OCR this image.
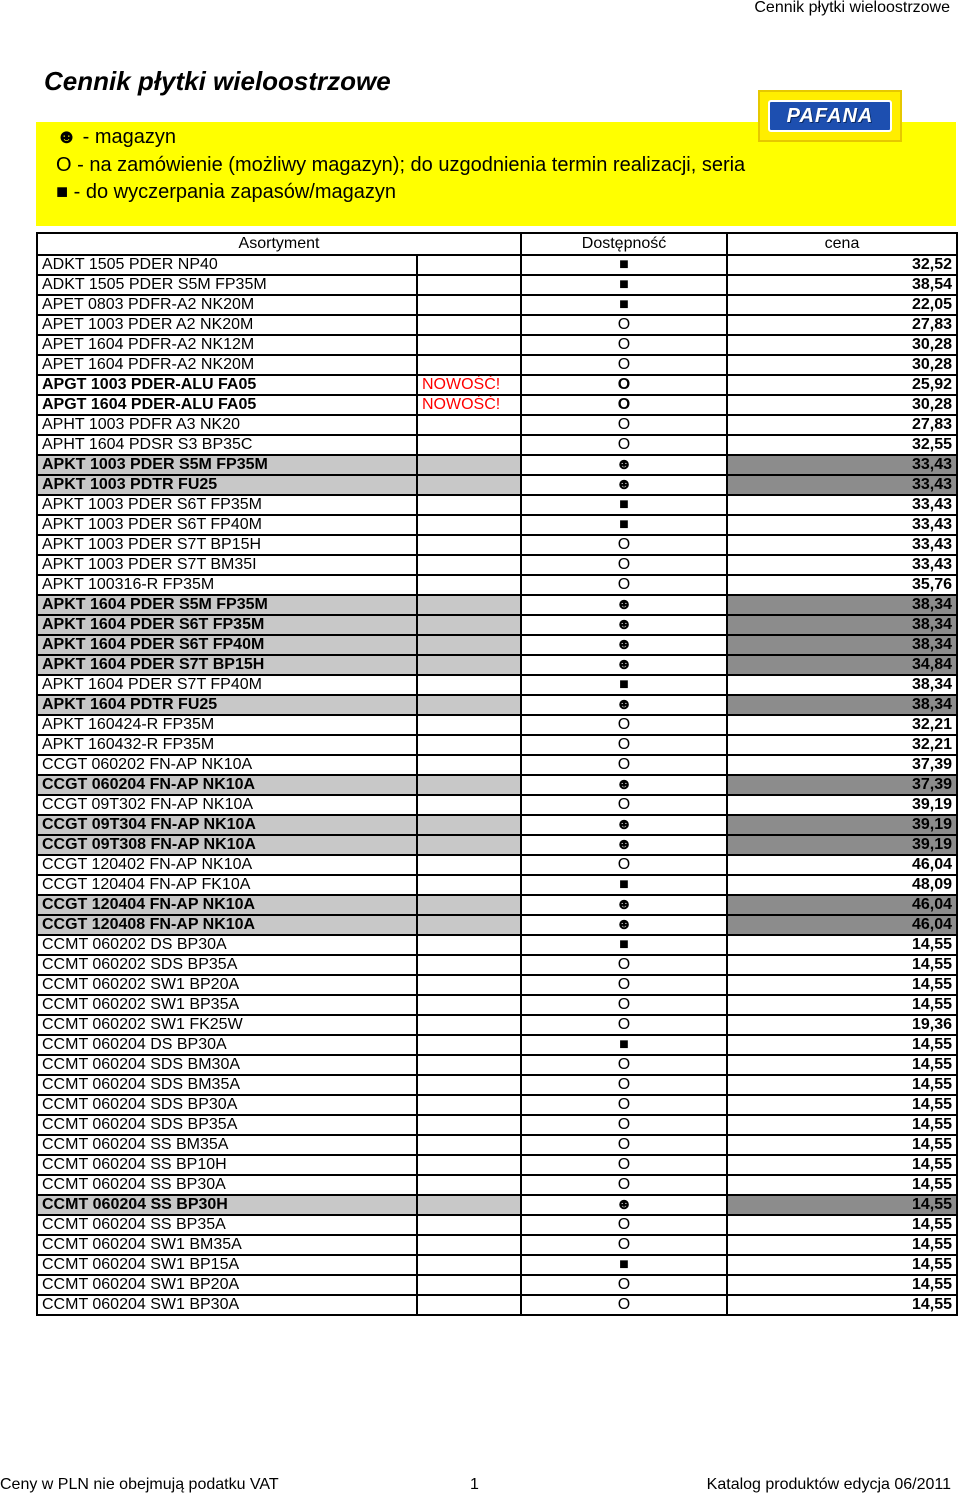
Cennik płytki wieloostrzowe
Cennik płytki wieloostrzowe
☻ - magazyn
O - na zamówienie (możliwy magazyn); do uzgodnienia termin realizacji, seria
■ - do wyczerpania zapasów/magazyn
PAFANA
Asortyment		Dostępność	cena
ADKT 1505 PDER NP40		■	32,52
ADKT 1505 PDER S5M FP35M		■	38,54
APET 0803 PDFR-A2 NK20M		■	22,05
APET 1003 PDER A2 NK20M		O	27,83
APET 1604 PDFR-A2 NK12M		O	30,28
APET 1604 PDFR-A2 NK20M		O	30,28
APGT 1003 PDER-ALU FA05	NOWOŚĆ!	O	25,92
APGT 1604 PDER-ALU FA05	NOWOŚĆ!	O	30,28
APHT 1003 PDFR A3 NK20		O	27,83
APHT 1604 PDSR S3 BP35C		O	32,55
APKT 1003 PDER S5M FP35M		☻	33,43
APKT 1003 PDTR FU25		☻	33,43
APKT 1003 PDER S6T FP35M		■	33,43
APKT 1003 PDER S6T FP40M		■	33,43
APKT 1003 PDER S7T BP15H		O	33,43
APKT 1003 PDER S7T BM35I		O	33,43
APKT 100316-R FP35M		O	35,76
APKT 1604 PDER S5M FP35M		☻	38,34
APKT 1604 PDER S6T FP35M		☻	38,34
APKT 1604 PDER S6T FP40M		☻	38,34
APKT 1604 PDER S7T BP15H		☻	34,84
APKT 1604 PDER S7T FP40M		■	38,34
APKT 1604 PDTR FU25		☻	38,34
APKT 160424-R FP35M		O	32,21
APKT 160432-R FP35M		O	32,21
CCGT 060202 FN-AP NK10A		O	37,39
CCGT 060204 FN-AP NK10A		☻	37,39
CCGT 09T302 FN-AP NK10A		O	39,19
CCGT 09T304 FN-AP NK10A		☻	39,19
CCGT 09T308 FN-AP NK10A		☻	39,19
CCGT 120402 FN-AP NK10A		O	46,04
CCGT 120404 FN-AP FK10A		■	48,09
CCGT 120404 FN-AP NK10A		☻	46,04
CCGT 120408 FN-AP NK10A		☻	46,04
CCMT 060202 DS BP30A		■	14,55
CCMT 060202 SDS BP35A		O	14,55
CCMT 060202 SW1 BP20A		O	14,55
CCMT 060202 SW1 BP35A		O	14,55
CCMT 060202 SW1 FK25W		O	19,36
CCMT 060204 DS BP30A		■	14,55
CCMT 060204 SDS BM30A		O	14,55
CCMT 060204 SDS BM35A		O	14,55
CCMT 060204 SDS BP30A		O	14,55
CCMT 060204 SDS BP35A		O	14,55
CCMT 060204 SS BM35A		O	14,55
CCMT 060204 SS BP10H		O	14,55
CCMT 060204 SS BP30A		O	14,55
CCMT 060204 SS BP30H		☻	14,55
CCMT 060204 SS BP35A		O	14,55
CCMT 060204 SW1 BM35A		O	14,55
CCMT 060204 SW1 BP15A		■	14,55
CCMT 060204 SW1 BP20A		O	14,55
CCMT 060204 SW1 BP30A		O	14,55
Ceny w PLN nie obejmują podatku VAT	1	Katalog produktów edycja 06/2011
